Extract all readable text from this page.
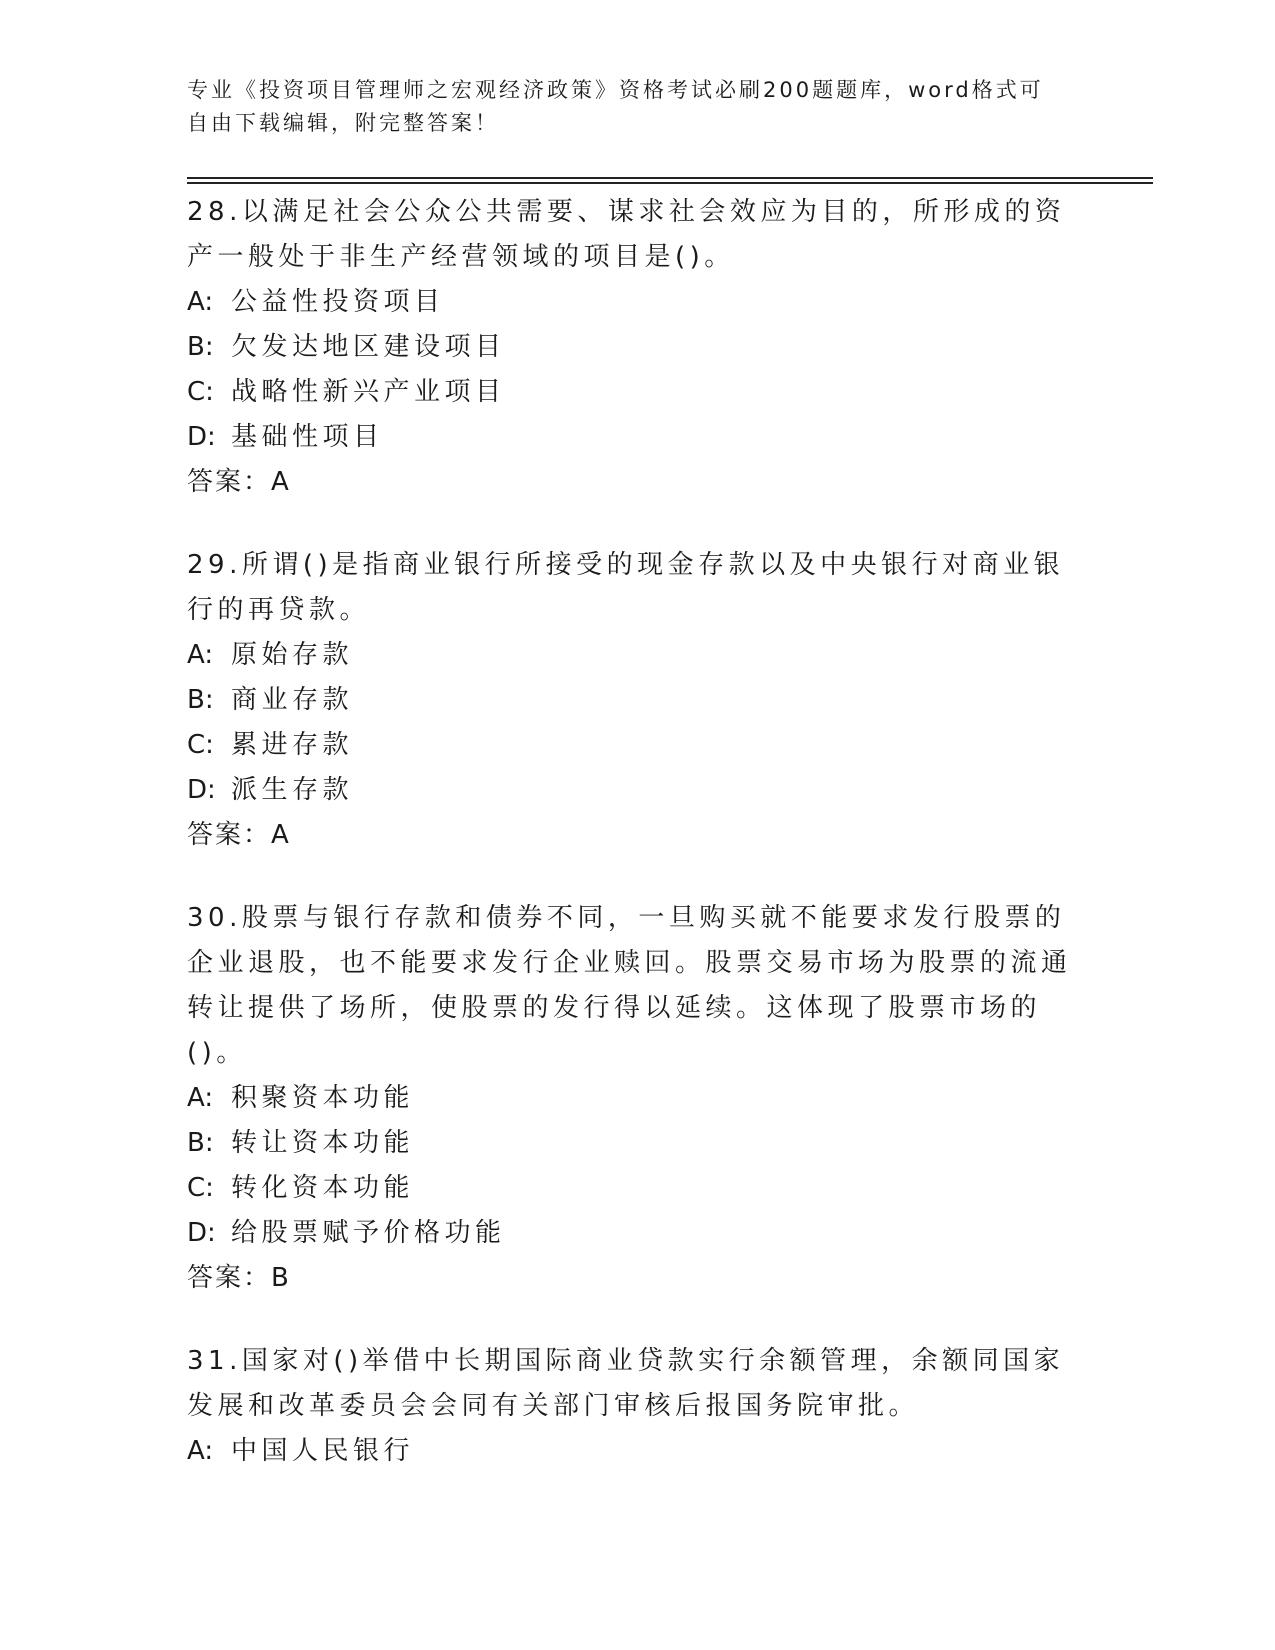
专业《投资项目管理师之宏观经济政策》资格考试必刷200题题库，word格式可
自由下载编辑，附完整答案！

28.以满足社会公众公共需要、谋求社会效应为目的，所形成的资产一般处于非生产经营领域的项目是()。

A: 公益性投资项目

B: 欠发达地区建设项目

C: 战略性新兴产业项目

D: 基础性项目

答案：A

29.所谓()是指商业银行所接受的现金存款以及中央银行对商业银行的再贷款。

A: 原始存款

B: 商业存款

C: 累进存款

D: 派生存款

答案：A

30.股票与银行存款和债券不同，一旦购买就不能要求发行股票的企业退股，也不能要求发行企业赎回。股票交易市场为股票的流通转让提供了场所，使股票的发行得以延续。这体现了股票市场的()。

A: 积聚资本功能

B: 转让资本功能

C: 转化资本功能

D: 给股票赋予价格功能

答案：B

31.国家对()举借中长期国际商业贷款实行余额管理，余额同国家发展和改革委员会会同有关部门审核后报国务院审批。

A: 中国人民银行
